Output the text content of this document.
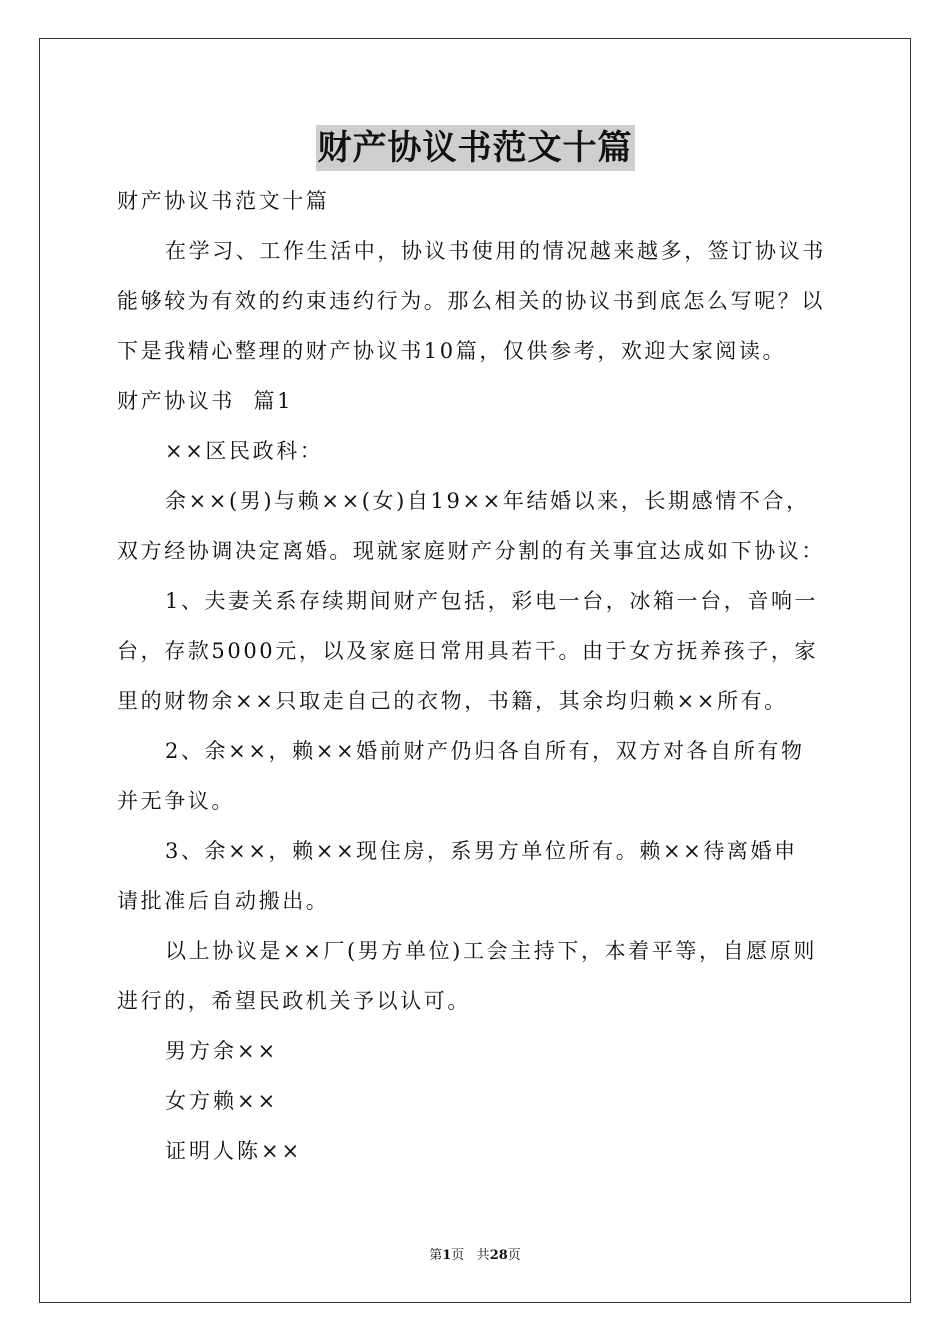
财产协议书范文十篇

财产协议书范文十篇

在学习、工作生活中，协议书使用的情况越来越多，签订协议书

能够较为有效的约束违约行为。那么相关的协议书到底怎么写呢？以

下是我精心整理的财产协议书10篇，仅供参考，欢迎大家阅读。

财产协议书  篇1

××区民政科：

余××(男)与赖××(女)自19××年结婚以来，长期感情不合，

双方经协调决定离婚。现就家庭财产分割的有关事宜达成如下协议：

1、夫妻关系存续期间财产包括，彩电一台，冰箱一台，音响一

台，存款5000元，以及家庭日常用具若干。由于女方抚养孩子，家

里的财物余××只取走自己的衣物，书籍，其余均归赖××所有。

2、余××，赖××婚前财产仍归各自所有，双方对各自所有物

并无争议。

3、余××，赖××现住房，系男方单位所有。赖××待离婚申

请批准后自动搬出。

以上协议是××厂(男方单位)工会主持下，本着平等，自愿原则

进行的，希望民政机关予以认可。

男方余××

女方赖××

证明人陈××

第1页 共28页
